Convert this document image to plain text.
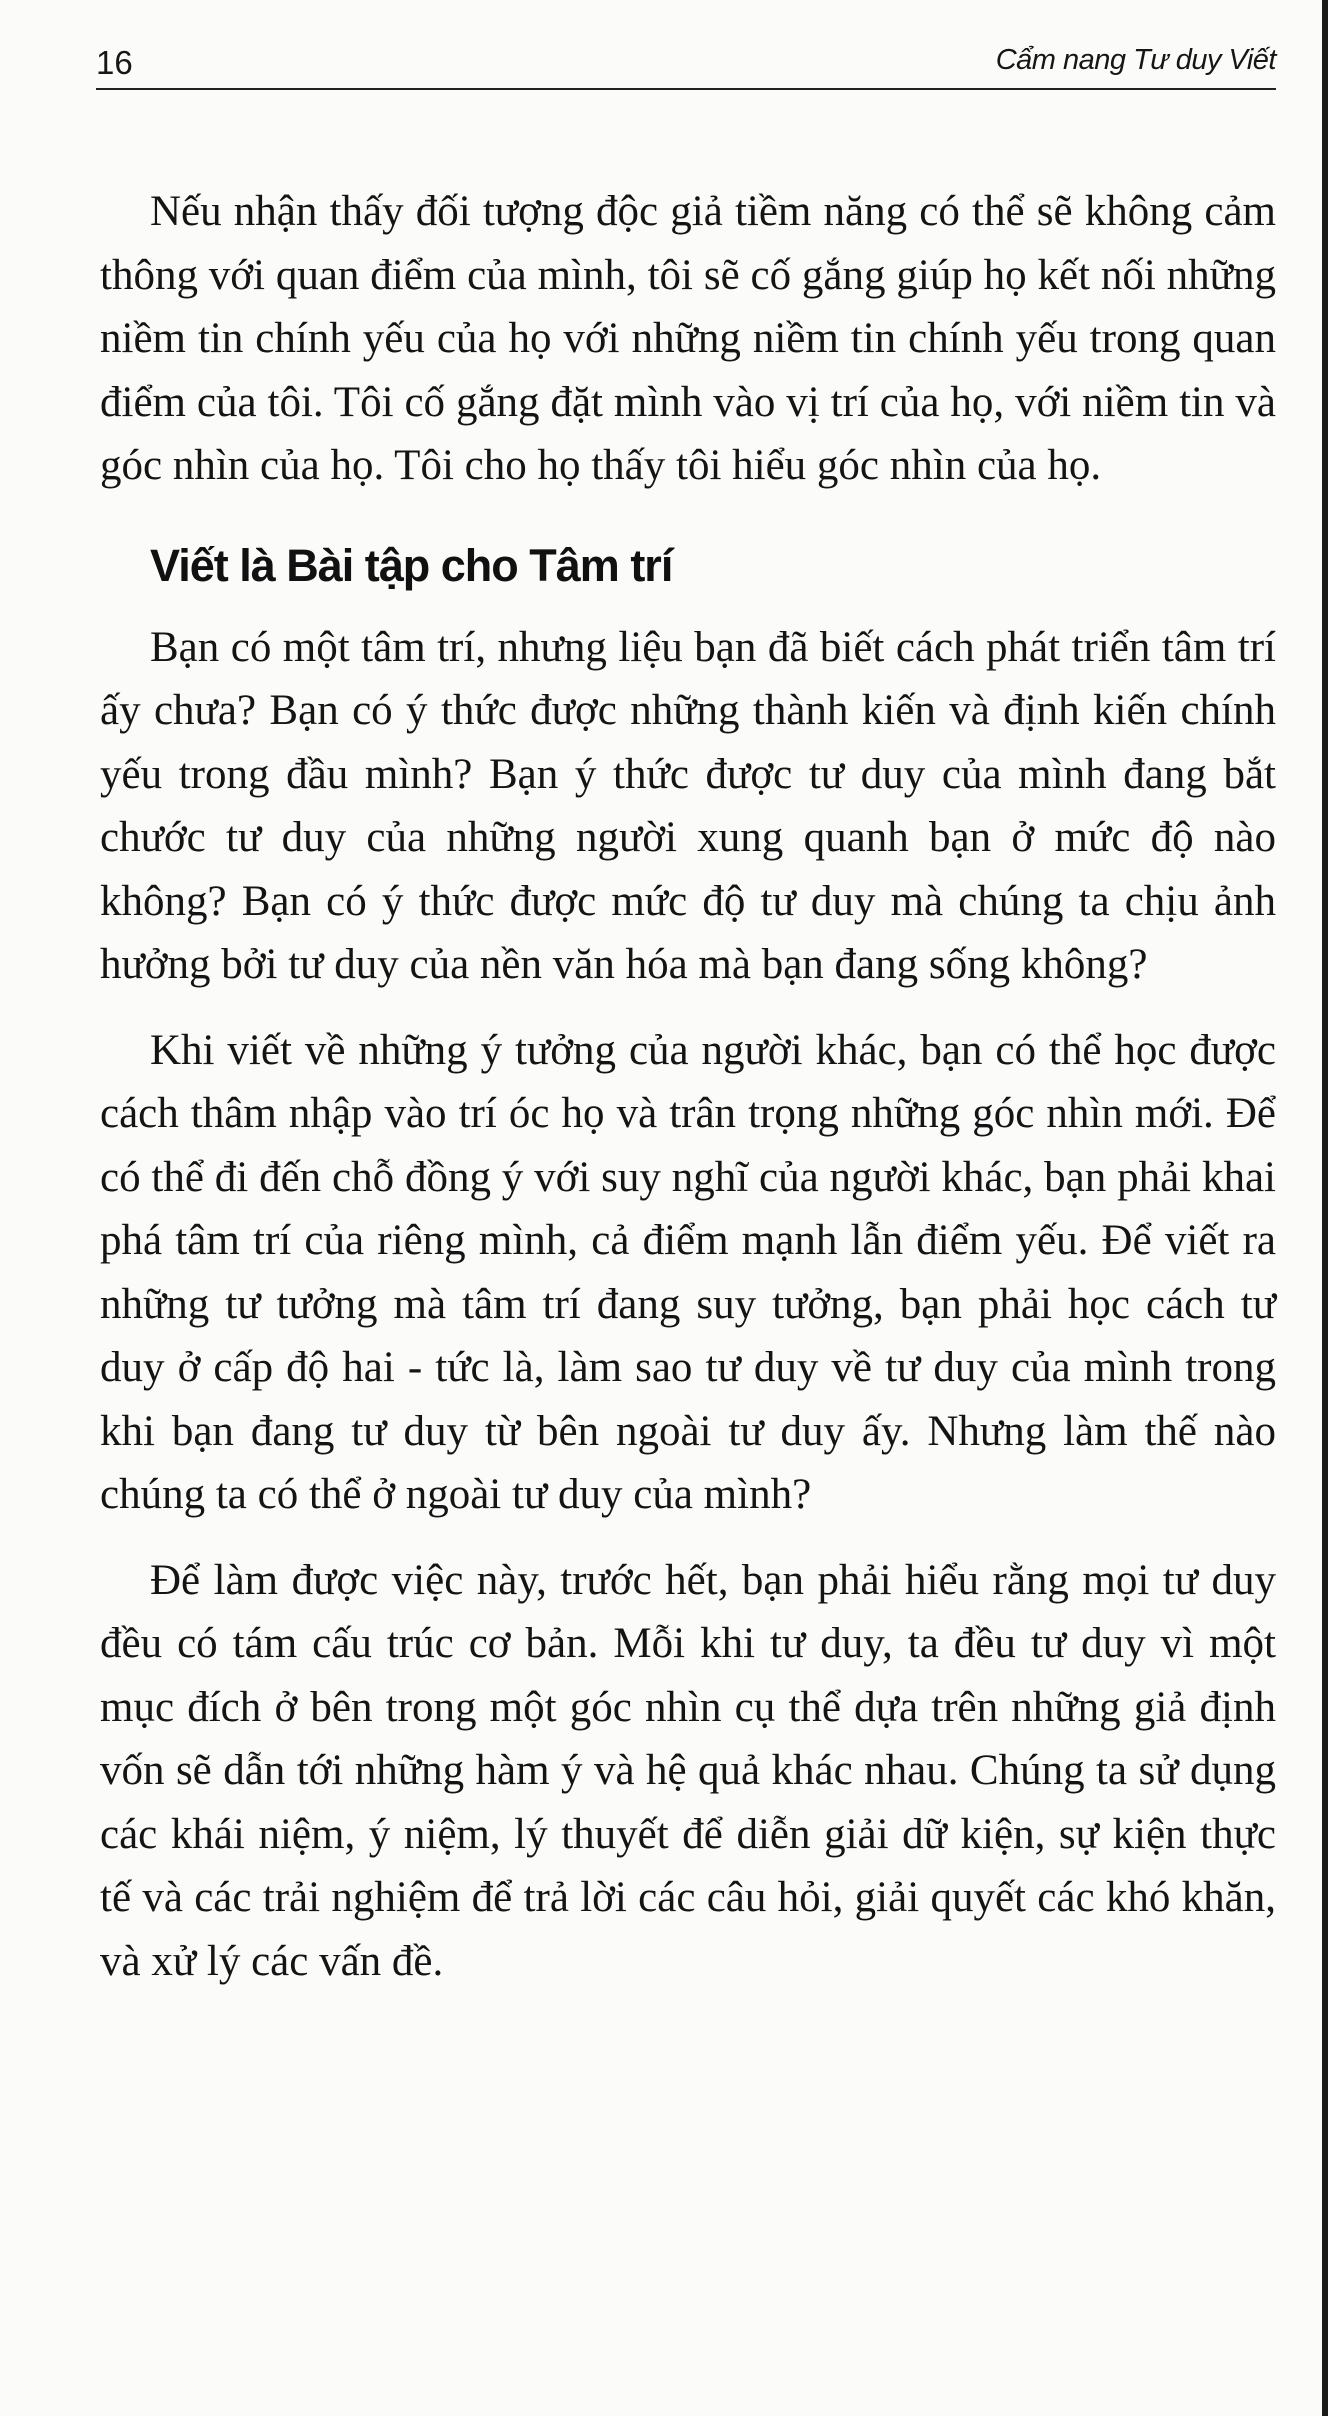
16	Cẩm nang Tư duy Viết

Nếu nhận thấy đối tượng độc giả tiềm năng có thể sẽ không cảm thông với quan điểm của mình, tôi sẽ cố gắng giúp họ kết nối những niềm tin chính yếu của họ với những niềm tin chính yếu trong quan điểm của tôi. Tôi cố gắng đặt mình vào vị trí của họ, với niềm tin và góc nhìn của họ. Tôi cho họ thấy tôi hiểu góc nhìn của họ.

Viết là Bài tập cho Tâm trí

Bạn có một tâm trí, nhưng liệu bạn đã biết cách phát triển tâm trí ấy chưa? Bạn có ý thức được những thành kiến và định kiến chính yếu trong đầu mình? Bạn ý thức được tư duy của mình đang bắt chước tư duy của những người xung quanh bạn ở mức độ nào không? Bạn có ý thức được mức độ tư duy mà chúng ta chịu ảnh hưởng bởi tư duy của nền văn hóa mà bạn đang sống không?

Khi viết về những ý tưởng của người khác, bạn có thể học được cách thâm nhập vào trí óc họ và trân trọng những góc nhìn mới. Để có thể đi đến chỗ đồng ý với suy nghĩ của người khác, bạn phải khai phá tâm trí của riêng mình, cả điểm mạnh lẫn điểm yếu. Để viết ra những tư tưởng mà tâm trí đang suy tưởng, bạn phải học cách tư duy ở cấp độ hai - tức là, làm sao tư duy về tư duy của mình trong khi bạn đang tư duy từ bên ngoài tư duy ấy. Nhưng làm thế nào chúng ta có thể ở ngoài tư duy của mình?

Để làm được việc này, trước hết, bạn phải hiểu rằng mọi tư duy đều có tám cấu trúc cơ bản. Mỗi khi tư duy, ta đều tư duy vì một mục đích ở bên trong một góc nhìn cụ thể dựa trên những giả định vốn sẽ dẫn tới những hàm ý và hệ quả khác nhau. Chúng ta sử dụng các khái niệm, ý niệm, lý thuyết để diễn giải dữ kiện, sự kiện thực tế và các trải nghiệm để trả lời các câu hỏi, giải quyết các khó khăn, và xử lý các vấn đề.
